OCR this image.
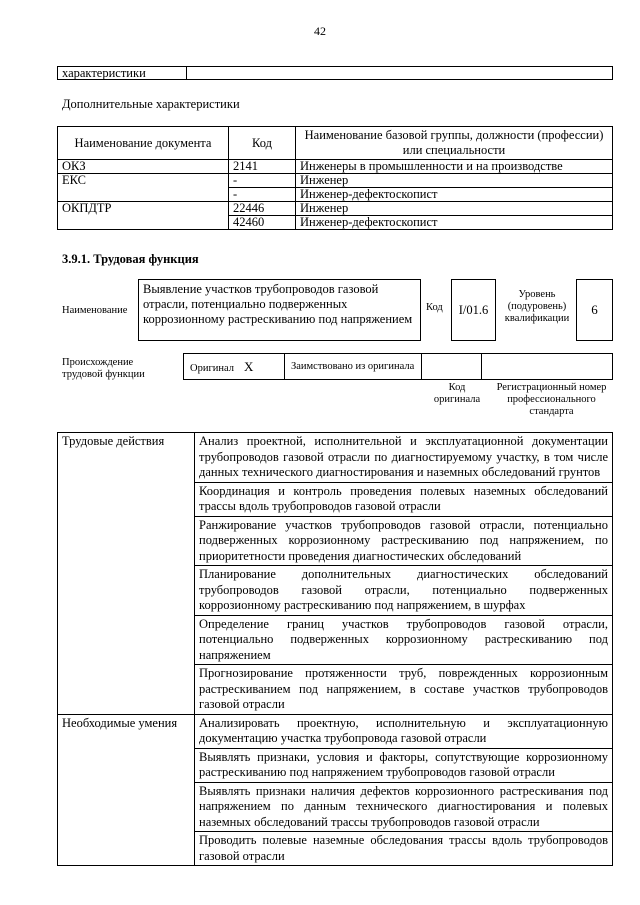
42
характеристики	
Дополнительные характеристики
Наименование документа	Код	Наименование базовой группы, должности (профессии) или специальности
ОКЗ	2141	Инженеры в промышленности и на производстве
ЕКС	-	Инженер
	-	Инженер-дефектоскопист
ОКПДТР	22446	Инженер
	42460	Инженер-дефектоскопист
3.9.1. Трудовая функция
Наименование
Выявление участков трубопроводов газовой отрасли, потенциально подверженных коррозионному растрескиванию под напряжением
Код	I/01.6
Уровень (подуровень) квалификации
6
Происхождение трудовой функции
Оригинал X	Заимствовано из оригинала		
Код оригинала
Регистрационный номер профессионального стандарта
Трудовые действия	Анализ проектной, исполнительной и эксплуатационной документации трубопроводов газовой отрасли по диагностируемому участку, в том числе данных технического диагностирования и наземных обследований грунтов
	Координация и контроль проведения полевых наземных обследований трассы вдоль трубопроводов газовой отрасли
	Ранжирование участков трубопроводов газовой отрасли, потенциально подверженных коррозионному растрескиванию под напряжением, по приоритетности проведения диагностических обследований
	Планирование дополнительных диагностических обследований трубопроводов газовой отрасли, потенциально подверженных коррозионному растрескиванию под напряжением, в шурфах
	Определение границ участков трубопроводов газовой отрасли, потенциально подверженных коррозионному растрескиванию под напряжением
	Прогнозирование протяженности труб, поврежденных коррозионным растрескиванием под напряжением, в составе участков трубопроводов газовой отрасли
Необходимые умения	Анализировать проектную, исполнительную и эксплуатационную документацию участка трубопровода газовой отрасли
	Выявлять признаки, условия и факторы, сопутствующие коррозионному растрескиванию под напряжением трубопроводов газовой отрасли
	Выявлять признаки наличия дефектов коррозионного растрескивания под напряжением по данным технического диагностирования и полевых наземных обследований трассы трубопроводов газовой отрасли
	Проводить полевые наземные обследования трассы вдоль трубопроводов газовой отрасли
